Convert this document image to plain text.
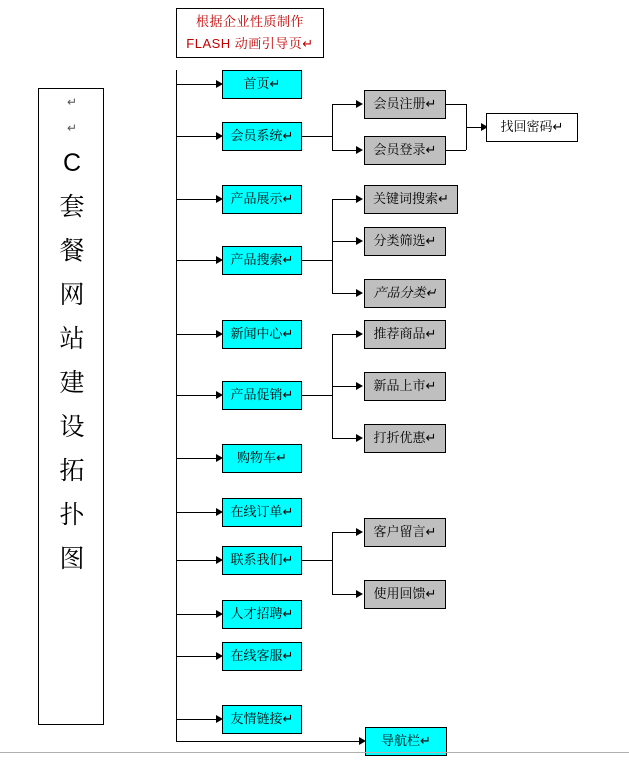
根据企业性质制作
FLASH 动画引导页↵
↵
↵
C
套
餐
网
站
建
设
拓
扑
图
首页↵
会员系统↵
产品展示↵
产品搜索↵
新闻中心↵
产品促销↵
购物车↵
在线订单↵
联系我们↵
人才招聘↵
在线客服↵
友情链接↵
导航栏↵
会员注册↵
会员登录↵
找回密码↵
关键词搜索↵
分类筛选↵
产品分类↵
推荐商品↵
新品上市↵
打折优惠↵
客户留言↵
使用回馈↵
